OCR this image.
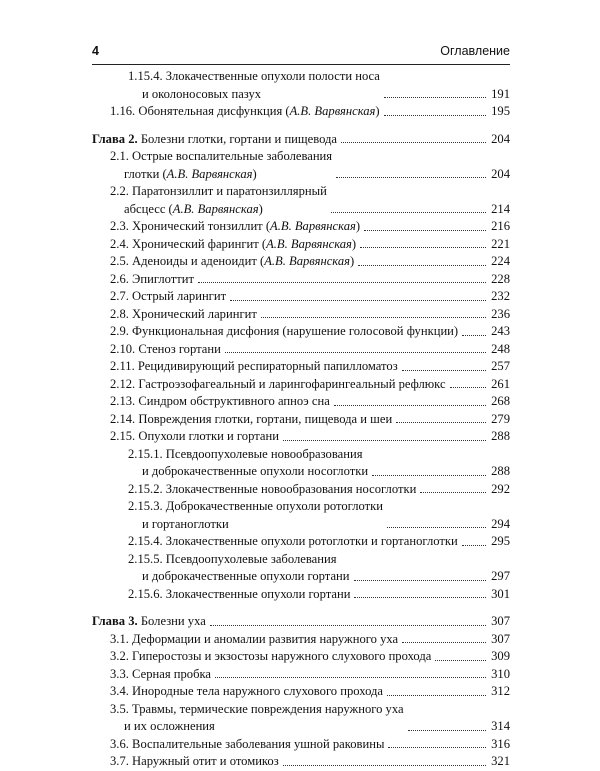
4	Оглавление
1.15.4. Злокачественные опухоли полости носа
и околоносовых пазух	191
1.16. Обонятельная дисфункция (А.В. Варвянская)	195
Глава 2. Болезни глотки, гортани и пищевода	204
2.1. Острые воспалительные заболевания
глотки (А.В. Варвянская)	204
2.2. Паратонзиллит и паратонзиллярный
абсцесс (А.В. Варвянская)	214
2.3. Хронический тонзиллит (А.В. Варвянская)	216
2.4. Хронический фарингит (А.В. Варвянская)	221
2.5. Аденоиды и аденоидит (А.В. Варвянская)	224
2.6. Эпиглоттит	228
2.7. Острый ларингит	232
2.8. Хронический ларингит	236
2.9. Функциональная дисфония (нарушение голосовой функции)	243
2.10. Стеноз гортани	248
2.11. Рецидивирующий респираторный папилломатоз	257
2.12. Гастроэзофагеальный и ларингофарингеальный рефлюкс	261
2.13. Синдром обструктивного апноэ сна	268
2.14. Повреждения глотки, гортани, пищевода и шеи	279
2.15. Опухоли глотки и гортани	288
2.15.1. Псевдоопухолевые новообразования
и доброкачественные опухоли носоглотки	288
2.15.2. Злокачественные новообразования носоглотки	292
2.15.3. Доброкачественные опухоли ротоглотки
и гортаноглотки	294
2.15.4. Злокачественные опухоли ротоглотки и гортаноглотки	295
2.15.5. Псевдоопухолевые заболевания
и доброкачественные опухоли гортани	297
2.15.6. Злокачественные опухоли гортани	301
Глава 3. Болезни уха	307
3.1. Деформации и аномалии развития наружного уха	307
3.2. Гиперостозы и экзостозы наружного слухового прохода	309
3.3. Серная пробка	310
3.4. Инородные тела наружного слухового прохода	312
3.5. Травмы, термические повреждения наружного уха
и их осложнения	314
3.6. Воспалительные заболевания ушной раковины	316
3.7. Наружный отит и отомикоз	321
